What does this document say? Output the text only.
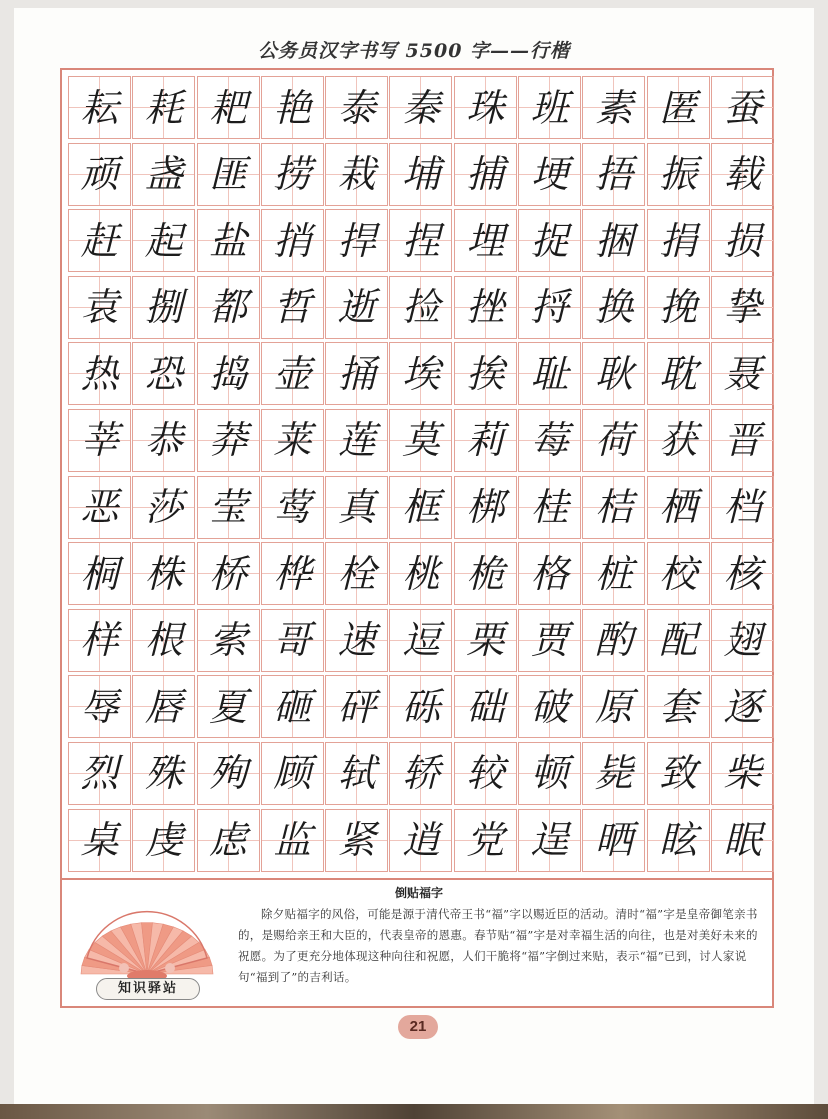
公务员汉字书写 5500 字——行楷
耘 耗 耙 艳 泰 秦 珠 班 素 匿 蚕
顽 盏 匪 捞 栽 埔 捕 埂 捂 振 载
赶 起 盐 捎 捍 捏 埋 捉 捆 捐 损
袁 捌 都 哲 逝 捡 挫 捋 换 挽 挚
热 恐 捣 壶 捅 埃 挨 耻 耿 耽 聂
莘 恭 莽 莱 莲 莫 莉 莓 荷 获 晋
恶 莎 莹 莺 真 框 梆 桂 桔 栖 档
桐 株 桥 桦 栓 桃 桅 格 桩 校 核
样 根 索 哥 速 逗 栗 贾 酌 配 翅
辱 唇 夏 砸 砰 砾 础 破 原 套 逐
烈 殊 殉 顾 轼 轿 较 顿 毙 致 柴
桌 虔 虑 监 紧 逍 党 逞 晒 眩 眠
倒贴福字
知识驿站
除夕贴福字的风俗，可能是源于清代帝王书“福”字以赐近臣的活动。清时“福”字是皇帝御笔亲书的，是赐给亲王和大臣的，代表皇帝的恩惠。春节贴“福”字是对幸福生活的向往，也是对美好未来的祝愿。为了更充分地体现这种向往和祝愿，人们干脆将“福”字倒过来贴，表示“福”已到，讨人家说句“福到了”的吉利话。
21
